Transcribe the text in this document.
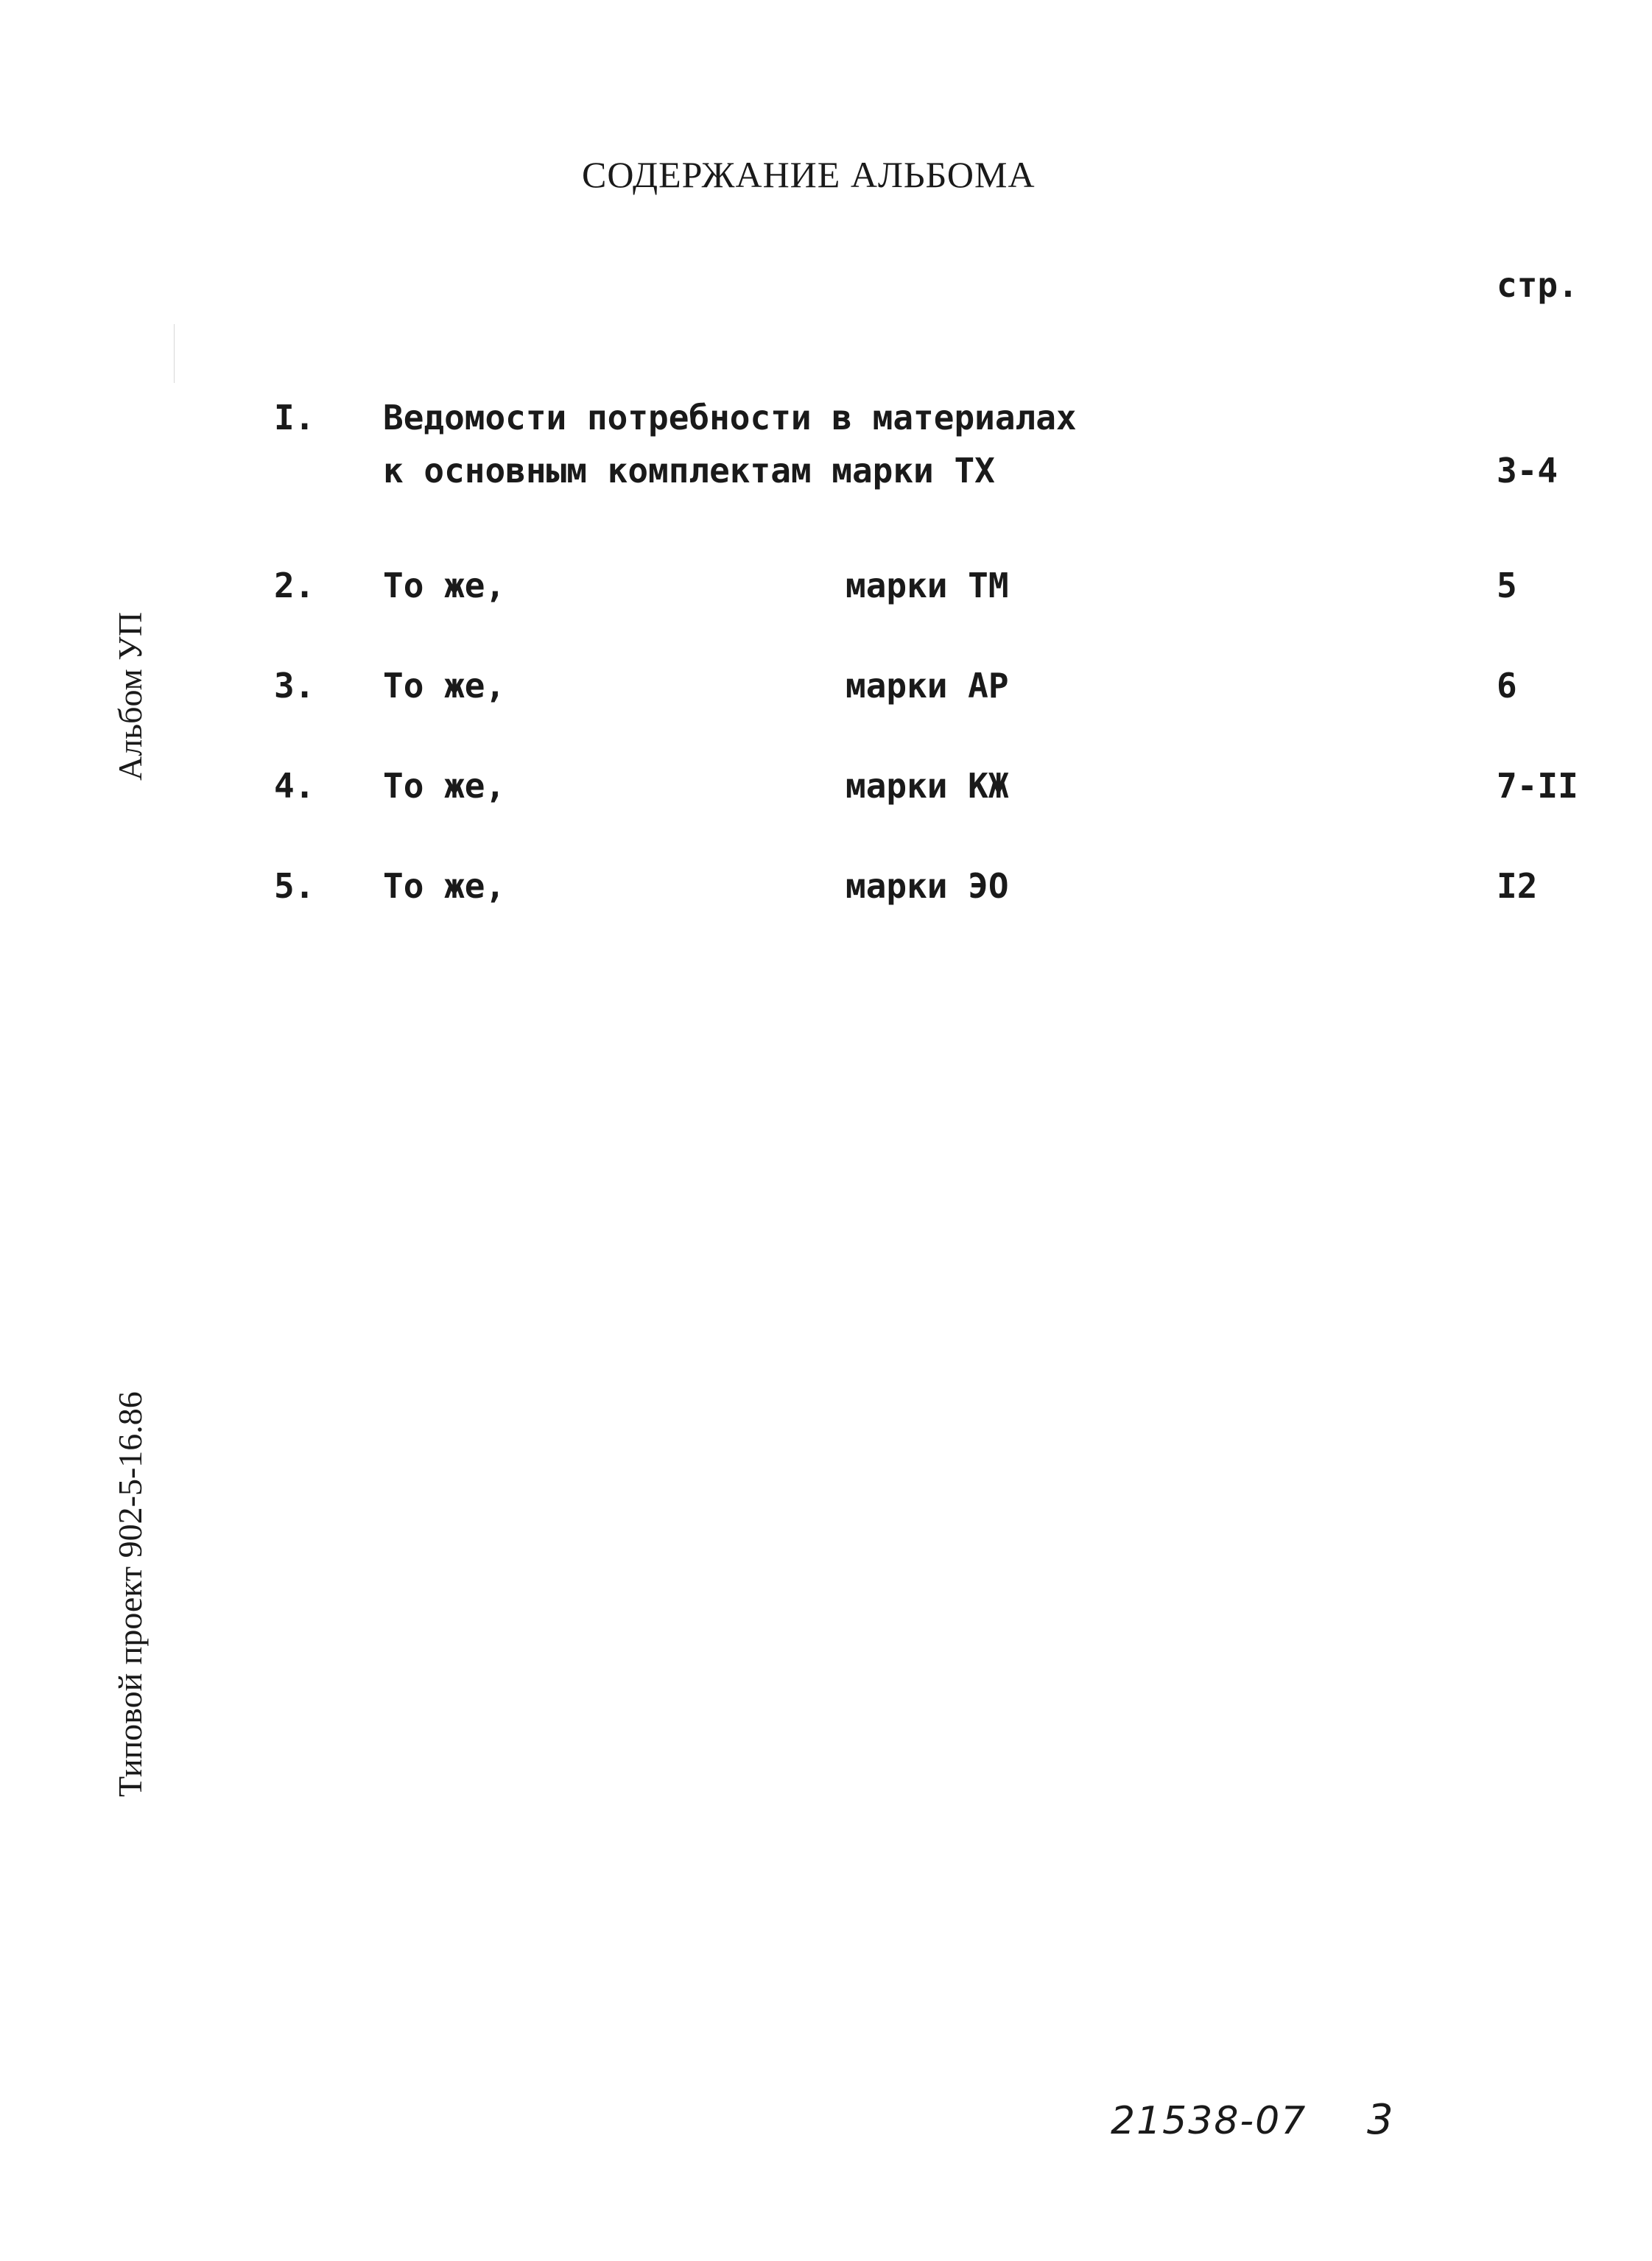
СОДЕРЖАНИЕ АЛЬБОМА
стр.
I. Ведомости потребности в материалах
к основным комплектам марки ТХ	3-4
2. То же,	марки ТМ	5
3. То же,	марки АР	6
4. То же,	марки КЖ	7-II
5. То же,	марки ЭО	I2
Альбом УП
Типовой проект 902-5-16.86
21538-07 3
